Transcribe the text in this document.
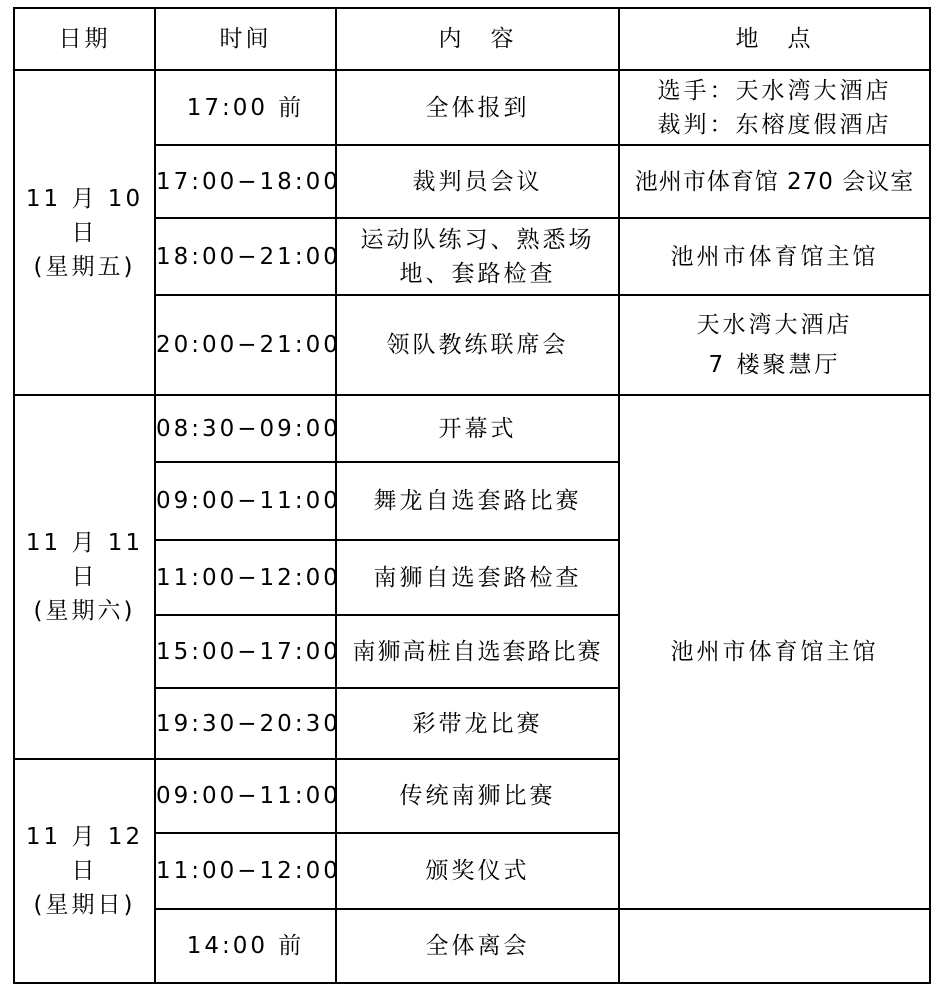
日期	时间	内　容	地　点

11 月 10 日
(星期五)	17:00 前	全体报到	选手：天水湾大酒店
裁判：东榕度假酒店

	17:00−18:00	裁判员会议	池州市体育馆 270 会议室

	18:00−21:00	运动队练习、熟悉场
地、套路检查	池州市体育馆主馆

	20:00−21:00	领队教练联席会	天水湾大酒店
7 楼聚慧厅

11 月 11 日
(星期六)	08:30−09:00	开幕式	池州市体育馆主馆
	09:00−11:00	舞龙自选套路比赛	
	11:00−12:00	南狮自选套路检查	
	15:00−17:00	南狮高桩自选套路比赛	
	19:30−20:30	彩带龙比赛	

11 月 12 日
(星期日)	09:00−11:00	传统南狮比赛	
	11:00−12:00	颁奖仪式	
	14:00 前	全体离会	
